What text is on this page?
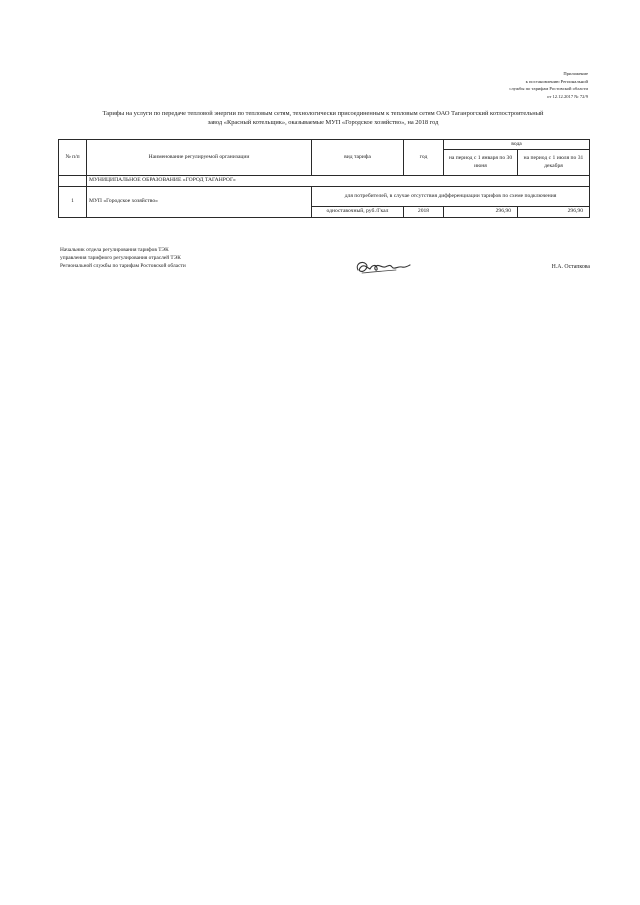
Приложение
к постановлению Региональной
службы по тарифам Ростовской области
от 12.12.2017 № 72/9
Тарифы на услуги по передаче тепловой энергии по тепловым сетям, технологически присоединенным к тепловым сетям ОАО Таганрогский котлостроительный
завод «Красный котельщик», оказываемые МУП «Городское хозяйство», на 2018 год
№ п/п	Наименование регулируемой организации	вид тарифа	год	вода	
				на период с 1 января по 30 июня	на период с 1 июля по 31 декабря
	МУНИЦИПАЛЬНОЕ ОБРАЗОВАНИЕ «ГОРОД ТАГАНРОГ»				
1	МУП «Городское хозяйство»	для потребителей, в случае отсутствия дифференциации тарифов по схеме подключения			
		одноставочный, руб./Гкал	2018	296,90	296,90
Начальник отдела регулирования тарифов ТЭК
управления тарифного регулирования отраслей ТЭК
Региональной службы по тарифам Ростовской области	Н.А. Остапкова
